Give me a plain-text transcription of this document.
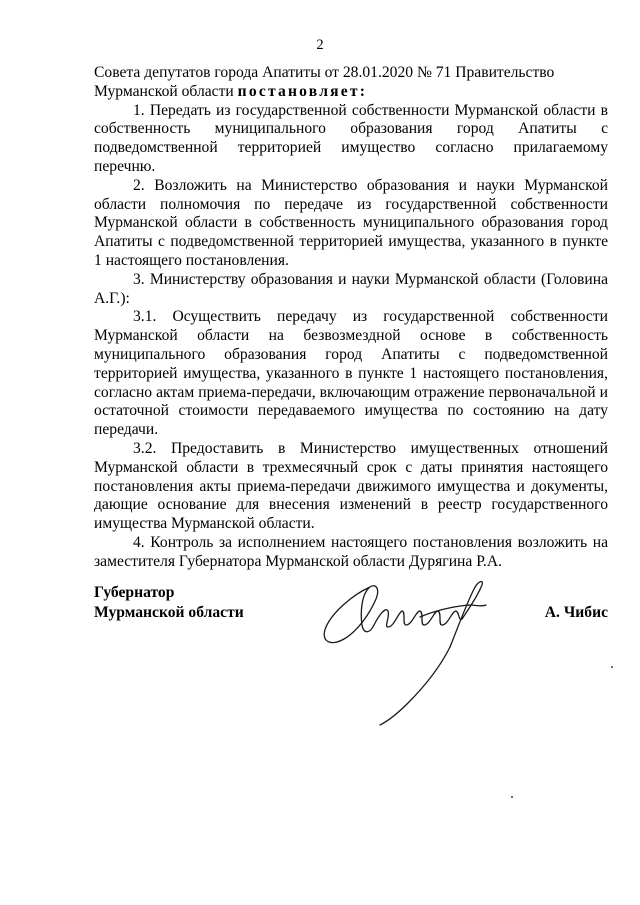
2

Совета депутатов города Апатиты от 28.01.2020 № 71 Правительство
Мурманской области постановляет:

1. Передать из государственной собственности Мурманской области в собственность муниципального образования город Апатиты с подведомственной территорией имущество согласно прилагаемому перечню.

2. Возложить на Министерство образования и науки Мурманской области полномочия по передаче из государственной собственности Мурманской области в собственность муниципального образования город Апатиты с подведомственной территорией имущества, указанного в пункте 1 настоящего постановления.

3. Министерству образования и науки Мурманской области (Головина А.Г.):

3.1. Осуществить передачу из государственной собственности Мурманской области на безвозмездной основе в собственность муниципального образования город Апатиты с подведомственной территорией имущества, указанного в пункте 1 настоящего постановления, согласно актам приема-передачи, включающим отражение первоначальной и остаточной стоимости передаваемого имущества по состоянию на дату передачи.

3.2. Предоставить в Министерство имущественных отношений Мурманской области в трехмесячный срок с даты принятия настоящего постановления акты приема-передачи движимого имущества и документы, дающие основание для внесения изменений в реестр государственного имущества Мурманской области.

4. Контроль за исполнением настоящего постановления возложить на заместителя Губернатора Мурманской области Дурягина Р.А.

Губернатор
Мурманской области	А. Чибис
